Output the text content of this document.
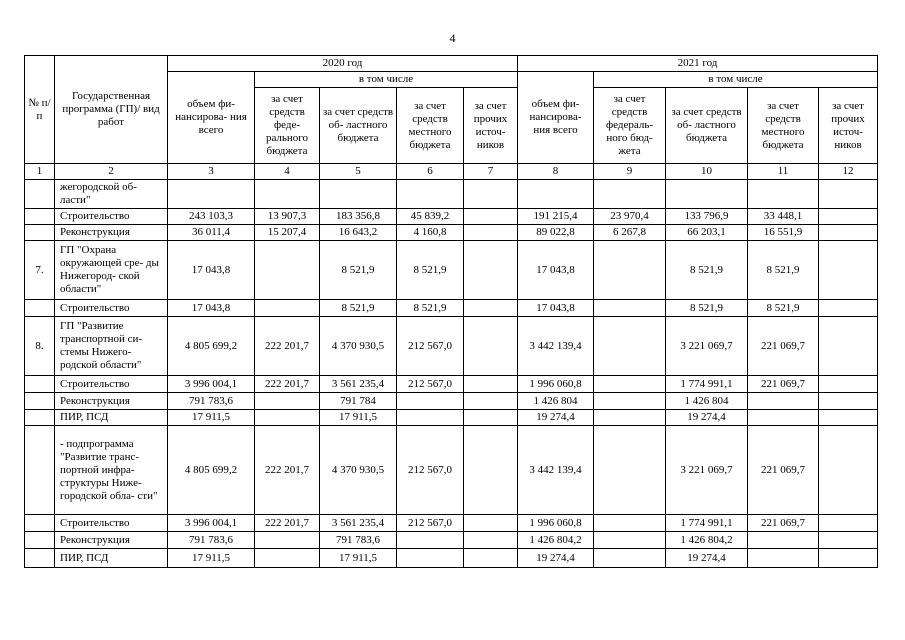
4
№ п/п	Государственная программа (ГП)/ вид работ	2020 год					2021 год				
		объем фи- нансирова- ния всего	в том числе				объем фи- нансирова- ния всего	в том числе			
			за счет средств феде- рального бюджета	за счет средств об- ластного бюджета	за счет средств местного бюджета	за счет прочих источ- ников		за счет средств федераль- ного бюд- жета	за счет средств об- ластного бюджета	за счет средств местного бюджета	за счет прочих источ- ников
1	2	3	4	5	6	7	8	9	10	11	12
	жегородской об- ласти"										
	Строительство	243 103,3	13 907,3	183 356,8	45 839,2		191 215,4	23 970,4	133 796,9	33 448,1	
	Реконструкция	36 011,4	15 207,4	16 643,2	4 160,8		89 022,8	6 267,8	66 203,1	16 551,9	
7.	ГП "Охрана окружающей сре- ды Нижегород- ской области"	17 043,8		8 521,9	8 521,9		17 043,8		8 521,9	8 521,9	
	Строительство	17 043,8		8 521,9	8 521,9		17 043,8		8 521,9	8 521,9	
8.	ГП "Развитие транспортной си- стемы Нижего- родской области"	4 805 699,2	222 201,7	4 370 930,5	212 567,0		3 442 139,4		3 221 069,7	221 069,7	
	Строительство	3 996 004,1	222 201,7	3 561 235,4	212 567,0		1 996 060,8		1 774 991,1	221 069,7	
	Реконструкция	791 783,6		791 784			1 426 804		1 426 804		
	ПИР, ПСД	17 911,5		17 911,5			19 274,4		19 274,4		
	- подпрограмма "Развитие транс- портной инфра- структуры Нижe- городской обла- сти"	4 805 699,2	222 201,7	4 370 930,5	212 567,0		3 442 139,4		3 221 069,7	221 069,7	
	Строительство	3 996 004,1	222 201,7	3 561 235,4	212 567,0		1 996 060,8		1 774 991,1	221 069,7	
	Реконструкция	791 783,6		791 783,6			1 426 804,2		1 426 804,2		
	ПИР, ПСД	17 911,5		17 911,5			19 274,4		19 274,4		
